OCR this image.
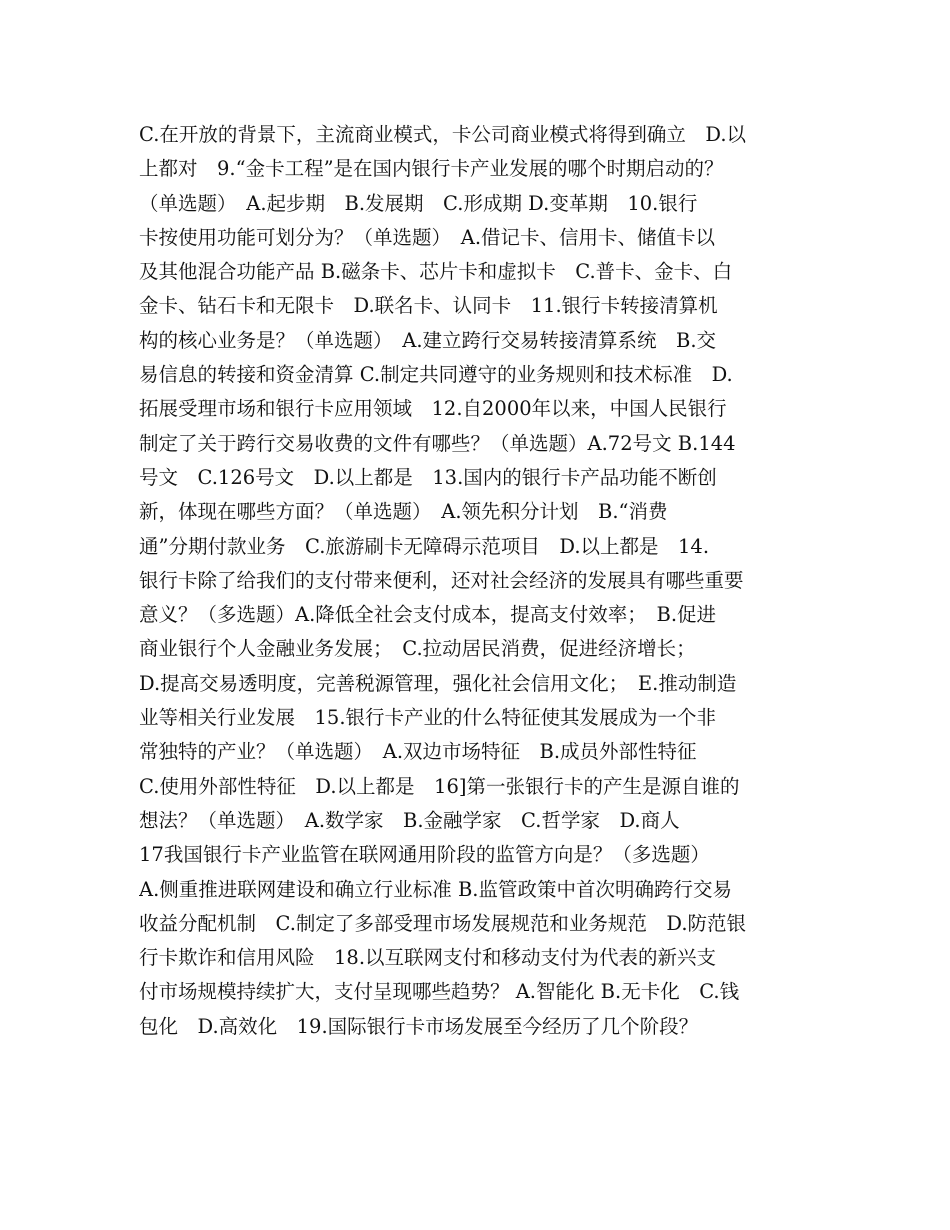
C.在开放的背景下，主流商业模式，卡公司商业模式将得到确立　D.以
上都对　9.“金卡工程”是在国内银行卡产业发展的哪个时期启动的？
（单选题）　A.起步期　B.发展期　C.形成期 D.变革期　10.银行
卡按使用功能可划分为？（单选题）　A.借记卡、信用卡、储值卡以
及其他混合功能产品 B.磁条卡、芯片卡和虚拟卡　C.普卡、金卡、白
金卡、钻石卡和无限卡　D.联名卡、认同卡　11.银行卡转接清算机
构的核心业务是？（单选题）　A.建立跨行交易转接清算系统　B.交
易信息的转接和资金清算 C.制定共同遵守的业务规则和技术标准　D.
拓展受理市场和银行卡应用领域　12.自2000年以来，中国人民银行
制定了关于跨行交易收费的文件有哪些？（单选题）A.72号文 B.144
号文　C.126号文　D.以上都是　13.国内的银行卡产品功能不断创
新，体现在哪些方面？（单选题）　A.领先积分计划　B.“消费
通”分期付款业务　C.旅游刷卡无障碍示范项目　D.以上都是　14.
银行卡除了给我们的支付带来便利，还对社会经济的发展具有哪些重要
意义？（多选题）A.降低全社会支付成本，提高支付效率；　B.促进
商业银行个人金融业务发展；　C.拉动居民消费，促进经济增长；
D.提高交易透明度，完善税源管理，强化社会信用文化；　E.推动制造
业等相关行业发展　15.银行卡产业的什么特征使其发展成为一个非
常独特的产业？（单选题）　A.双边市场特征　B.成员外部性特征
C.使用外部性特征　D.以上都是　16]第一张银行卡的产生是源自谁的
想法？（单选题）　A.数学家　B.金融学家　C.哲学家　D.商人
17我国银行卡产业监管在联网通用阶段的监管方向是？（多选题）
A.侧重推进联网建设和确立行业标准 B.监管政策中首次明确跨行交易
收益分配机制　C.制定了多部受理市场发展规范和业务规范　D.防范银
行卡欺诈和信用风险　18.以互联网支付和移动支付为代表的新兴支
付市场规模持续扩大，支付呈现哪些趋势？ A.智能化 B.无卡化　C.钱
包化　D.高效化　19.国际银行卡市场发展至今经历了几个阶段？
